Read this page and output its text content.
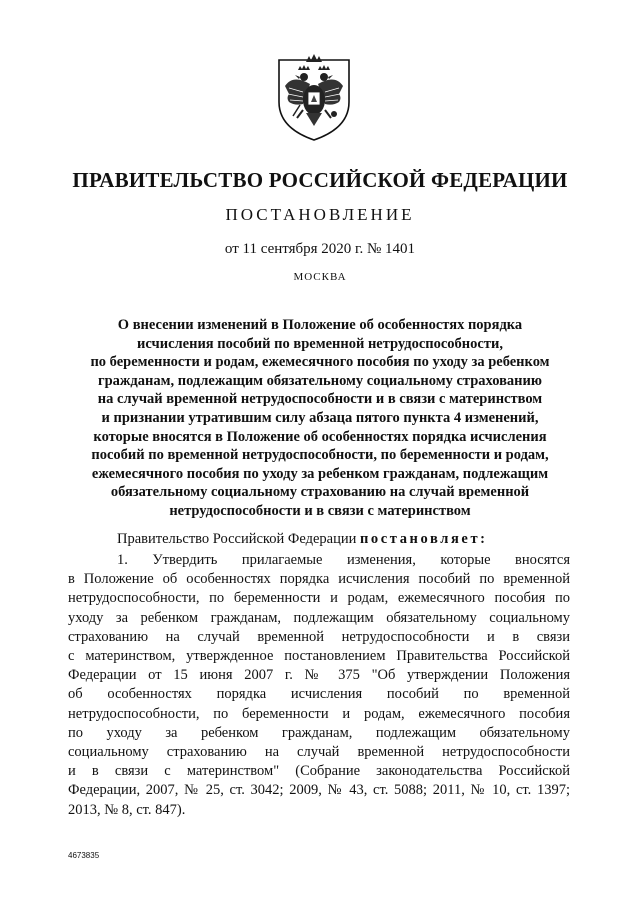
ПРАВИТЕЛЬСТВО РОССИЙСКОЙ ФЕДЕРАЦИИ
ПОСТАНОВЛЕНИЕ
от 11 сентября 2020 г. № 1401
МОСКВА
О внесении изменений в Положение об особенностях порядка
исчисления пособий по временной нетрудоспособности,
по беременности и родам, ежемесячного пособия по уходу за ребенком
гражданам, подлежащим обязательному социальному страхованию
на случай временной нетрудоспособности и в связи с материнством
и признании утратившим силу абзаца пятого пункта 4 изменений,
которые вносятся в Положение об особенностях порядка исчисления
пособий по временной нетрудоспособности, по беременности и родам,
ежемесячного пособия по уходу за ребенком гражданам, подлежащим
обязательному социальному страхованию на случай временной
нетрудоспособности и в связи с материнством
Правительство Российской Федерации постановляет:
1. Утвердить прилагаемые изменения, которые вносятся
в Положение об особенностях порядка исчисления пособий по временной
нетрудоспособности, по беременности и родам, ежемесячного пособия по
уходу за ребенком гражданам, подлежащим обязательному социальному
страхованию на случай временной нетрудоспособности и в связи
с материнством, утвержденное постановлением Правительства Российской
Федерации от 15 июня 2007 г. № 375 "Об утверждении Положения
об особенностях порядка исчисления пособий по временной
нетрудоспособности, по беременности и родам, ежемесячного пособия
по уходу за ребенком гражданам, подлежащим обязательному
социальному страхованию на случай временной нетрудоспособности
и в связи с материнством" (Собрание законодательства Российской
Федерации, 2007, № 25, ст. 3042; 2009, № 43, ст. 5088; 2011, № 10, ст. 1397;
2013, № 8, ст. 847).
4673835
